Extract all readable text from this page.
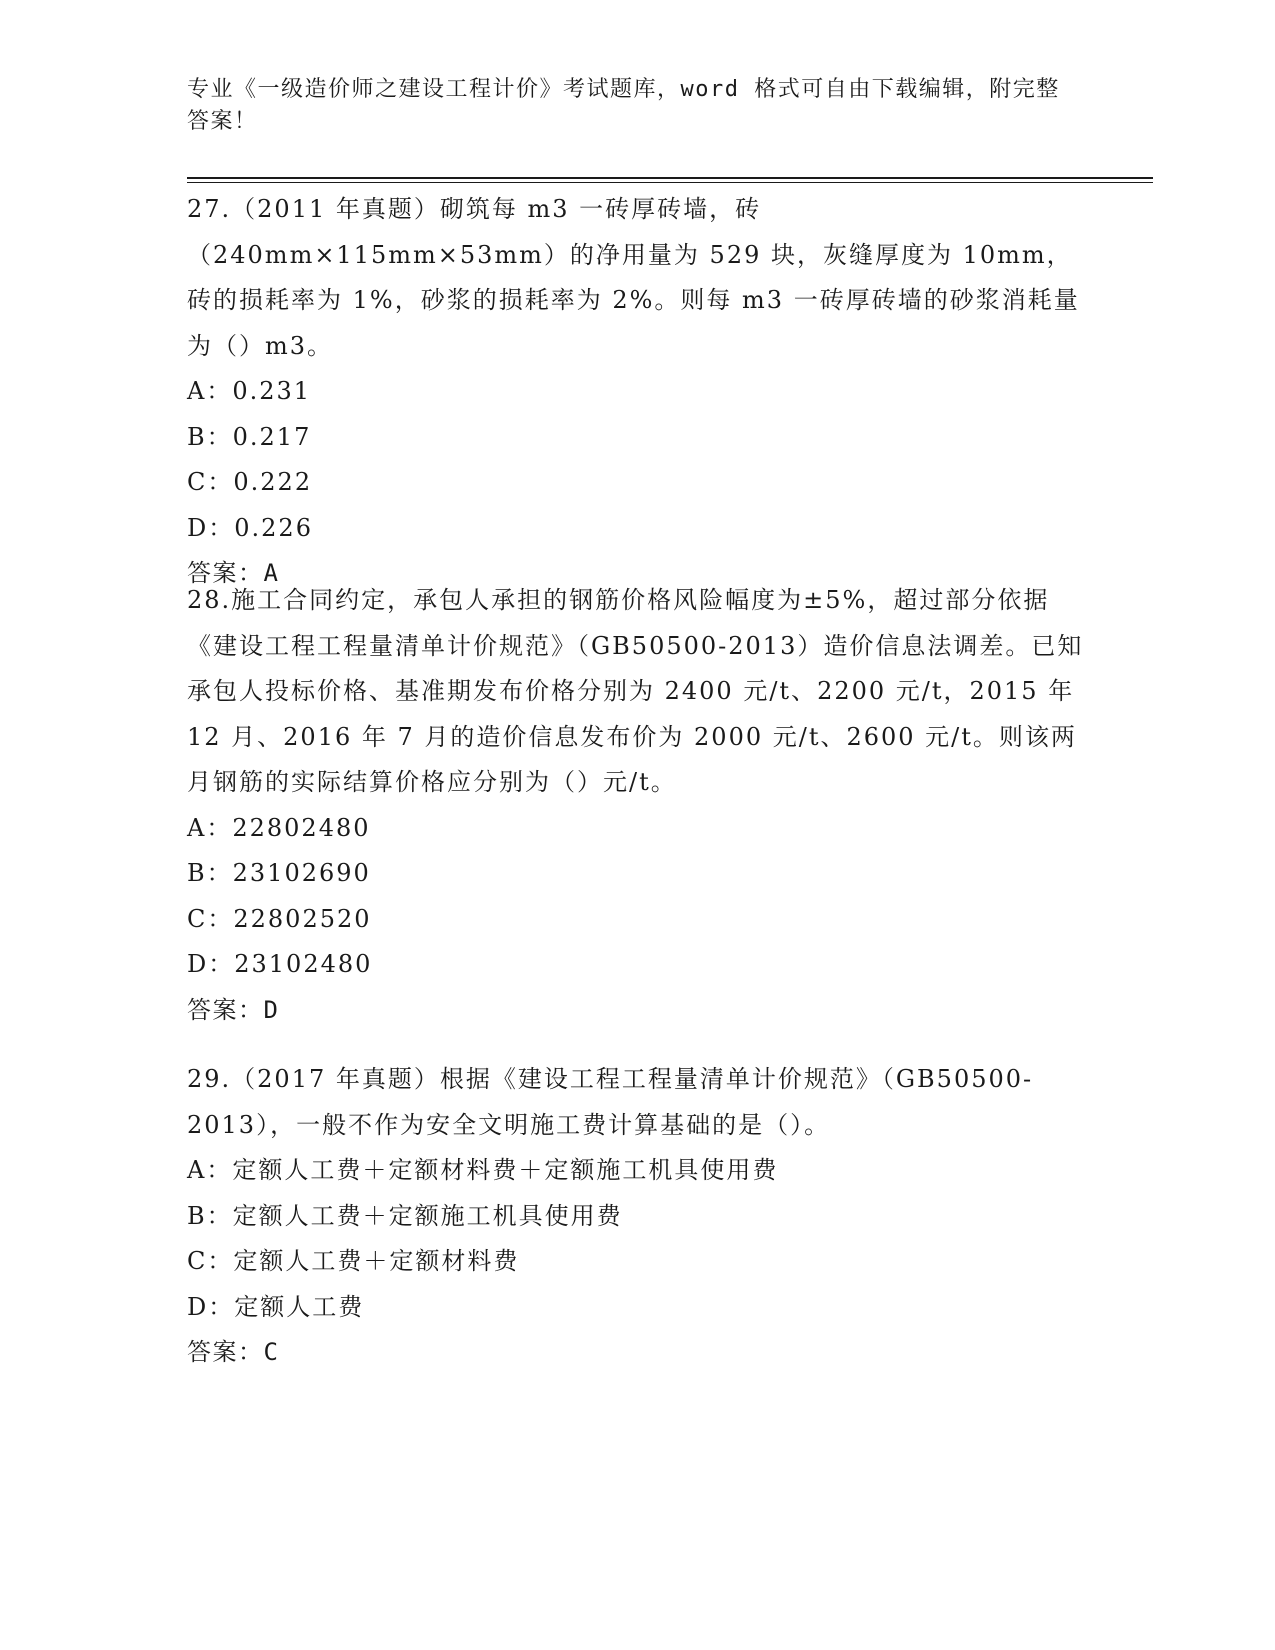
专业《一级造价师之建设工程计价》考试题库，word 格式可自由下载编辑，附完整答案！

27.（2011 年真题）砌筑每 m3 一砖厚砖墙，砖（240mm×115mm×53mm）的净用量为 529 块，灰缝厚度为 10mm，砖的损耗率为 1%，砂浆的损耗率为 2%。则每 m3 一砖厚砖墙的砂浆消耗量为（）m3。

A：0.231

B：0.217

C：0.222

D：0.226

答案：A

28.施工合同约定，承包人承担的钢筋价格风险幅度为±5%，超过部分依据《建设工程工程量清单计价规范》（GB50500-2013）造价信息法调差。已知承包人投标价格、基准期发布价格分别为 2400 元/t、2200 元/t，2015 年 12 月、2016 年 7 月的造价信息发布价为 2000 元/t、2600 元/t。则该两月钢筋的实际结算价格应分别为（）元/t。

A：22802480

B：23102690

C：22802520

D：23102480

答案：D

29.（2017 年真题）根据《建设工程工程量清单计价规范》（GB50500-2013），一般不作为安全文明施工费计算基础的是（）。

A：定额人工费＋定额材料费＋定额施工机具使用费

B：定额人工费＋定额施工机具使用费

C：定额人工费＋定额材料费

D：定额人工费

答案：C
